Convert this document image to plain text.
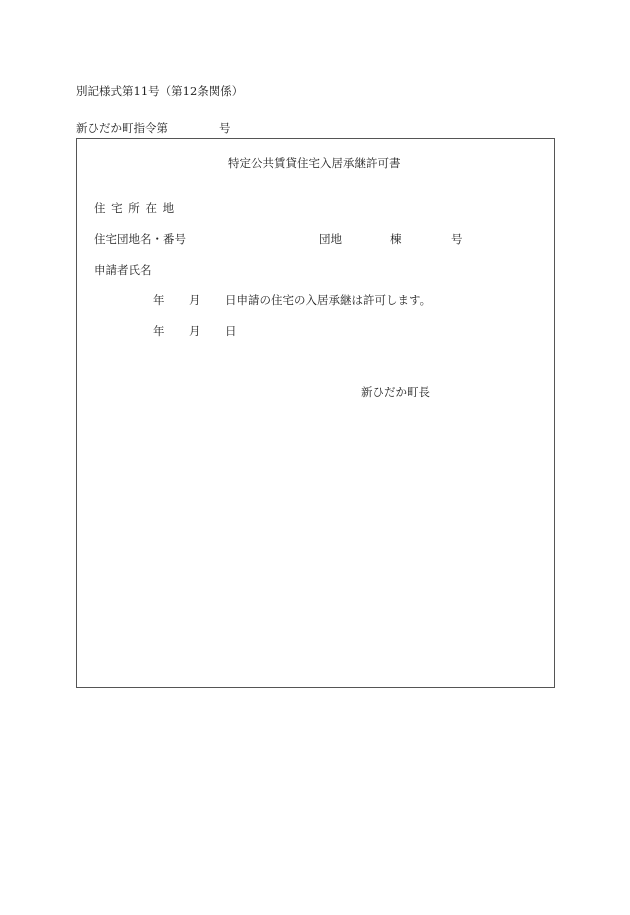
別記様式第11号（第12条関係）
新ひだか町指令第	号
特定公共賃貸住宅入居承継許可書
住 宅 所 在 地
住宅団地名・番号	団地	棟	号
申請者氏名
年 月 日申請の住宅の入居承継は許可します。
年 月 日
新ひだか町長
